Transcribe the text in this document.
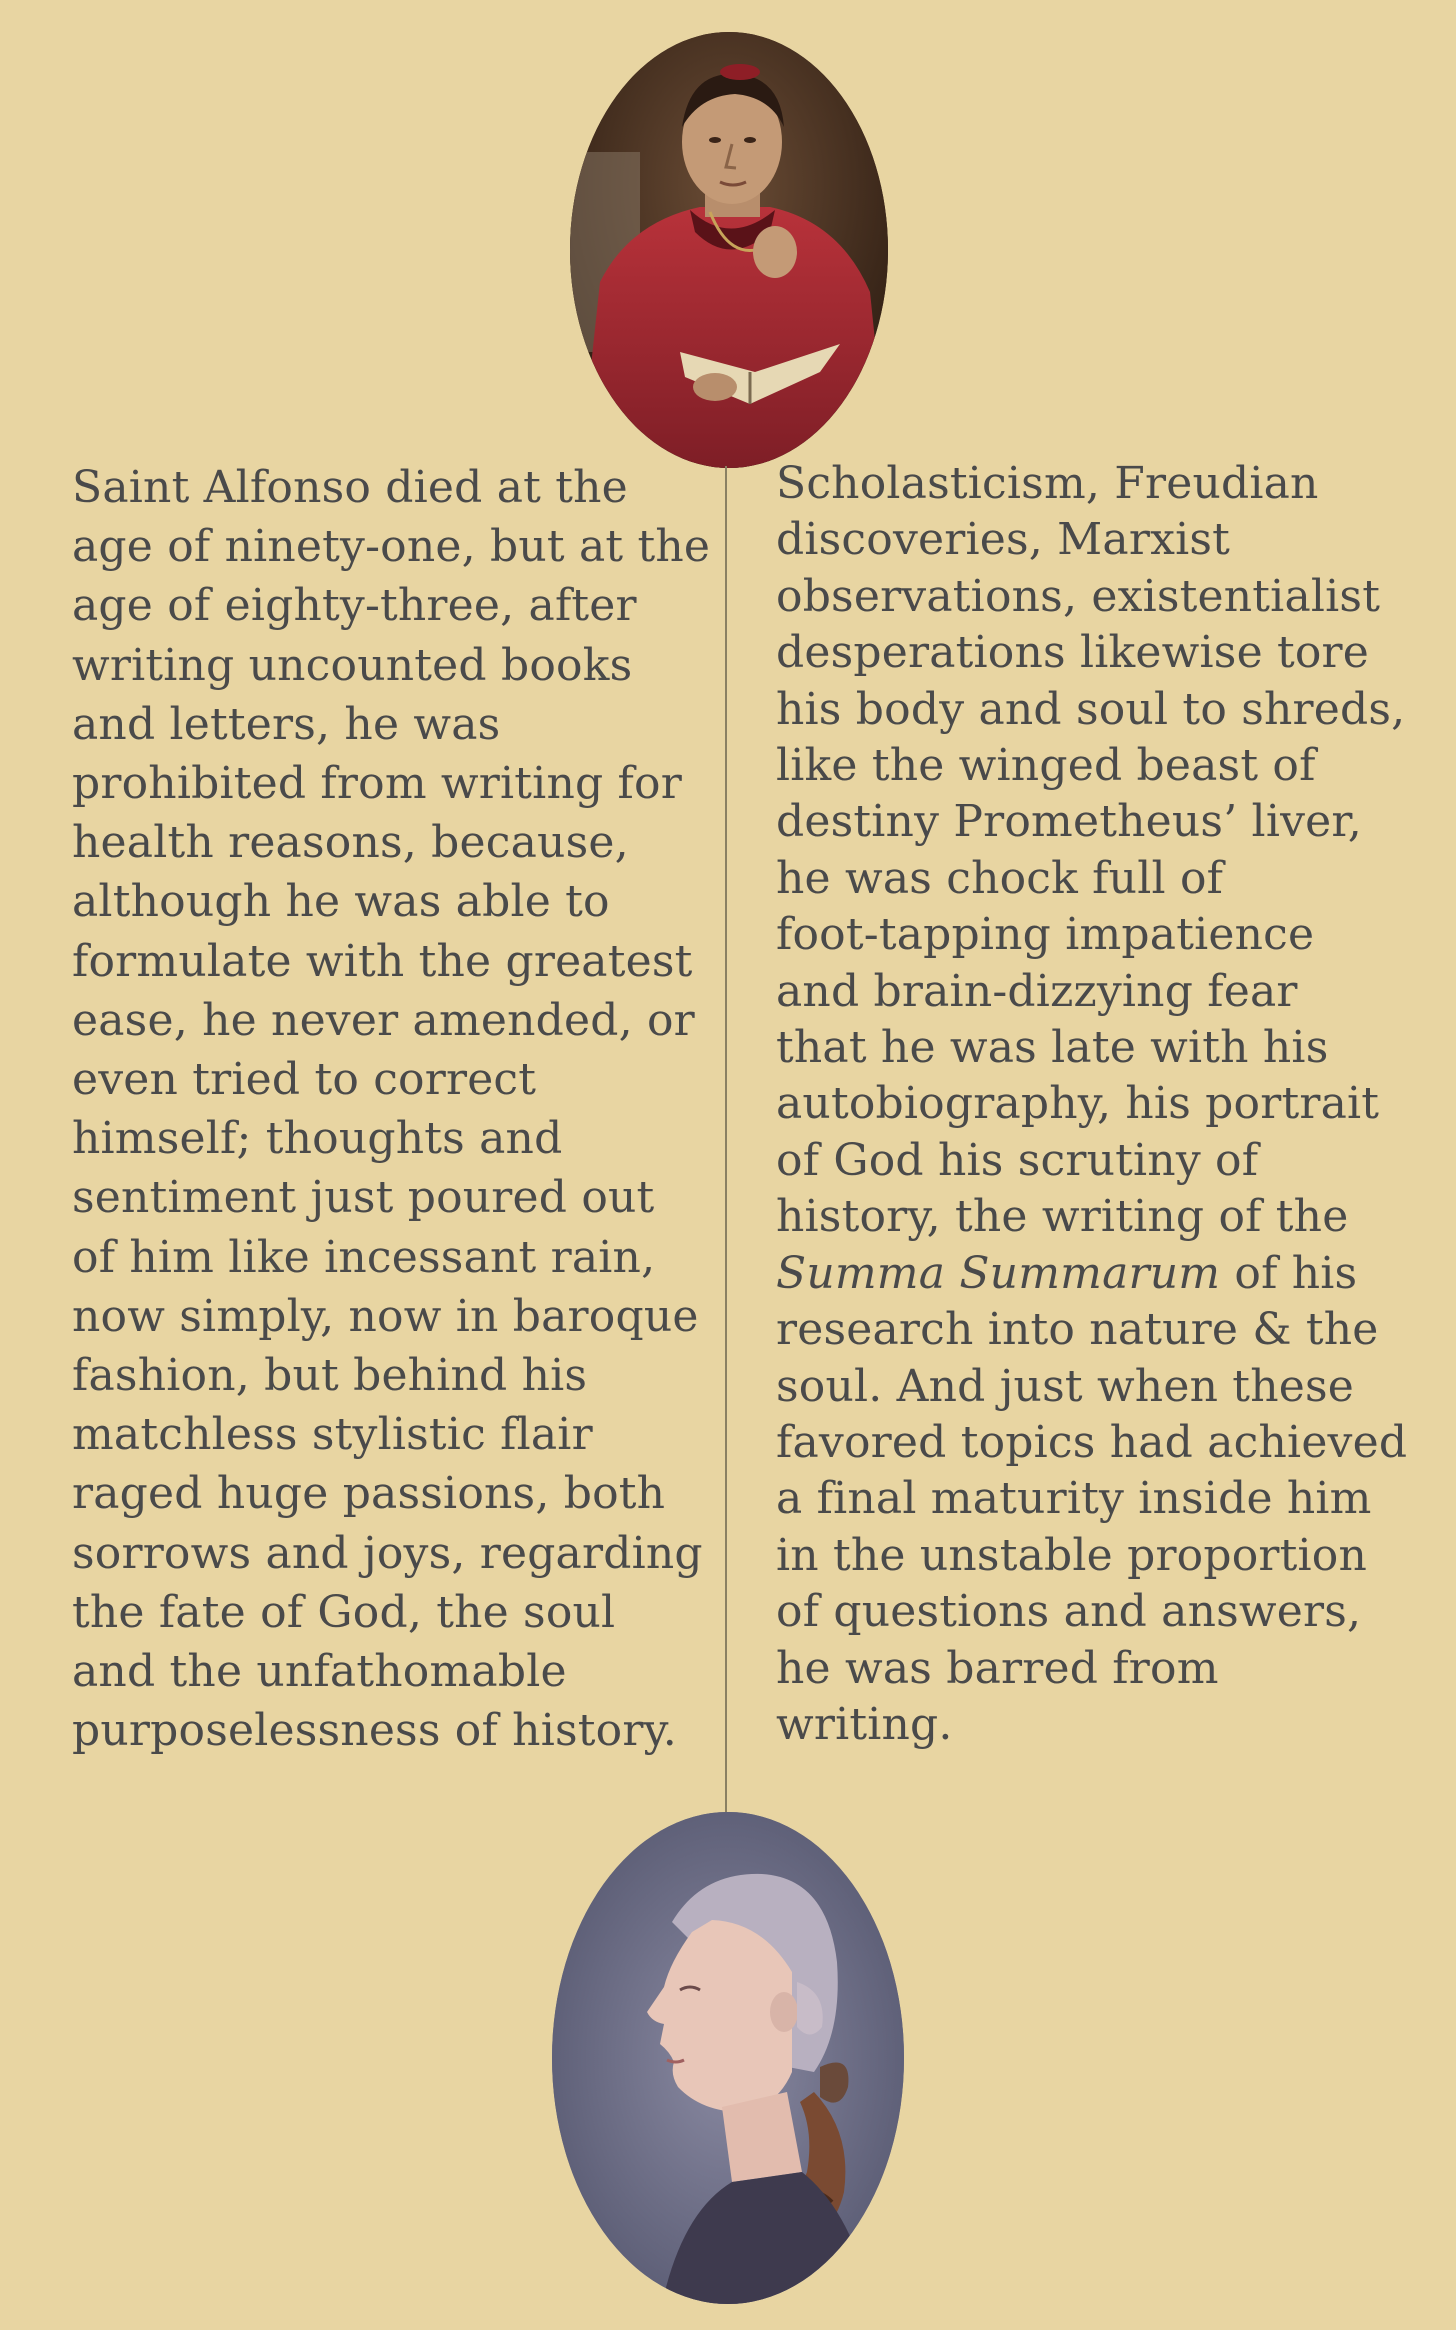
Saint Alfonso died at the
age of ninety-one, but at the
age of eighty-three, after
writing uncounted books
and letters, he was
prohibited from writing for
health reasons, because,
although he was able to
formulate with the greatest
ease, he never amended, or
even tried to correct
himself; thoughts and
sentiment just poured out
of him like incessant rain,
now simply, now in baroque
fashion, but behind his
matchless stylistic flair
raged huge passions, both
sorrows and joys, regarding
the fate of God, the soul
and the unfathomable
purposelessness of history.
Scholasticism, Freudian
discoveries, Marxist
observations, existentialist
desperations likewise tore
his body and soul to shreds,
like the winged beast of
destiny Prometheus’ liver,
he was chock full of
foot-tapping impatience
and brain-dizzying fear
that he was late with his
autobiography, his portrait
of God his scrutiny of
history, the writing of the
Summa Summarum of his
research into nature & the
soul. And just when these
favored topics had achieved
a final maturity inside him
in the unstable proportion
of questions and answers,
he was barred from
writing.
